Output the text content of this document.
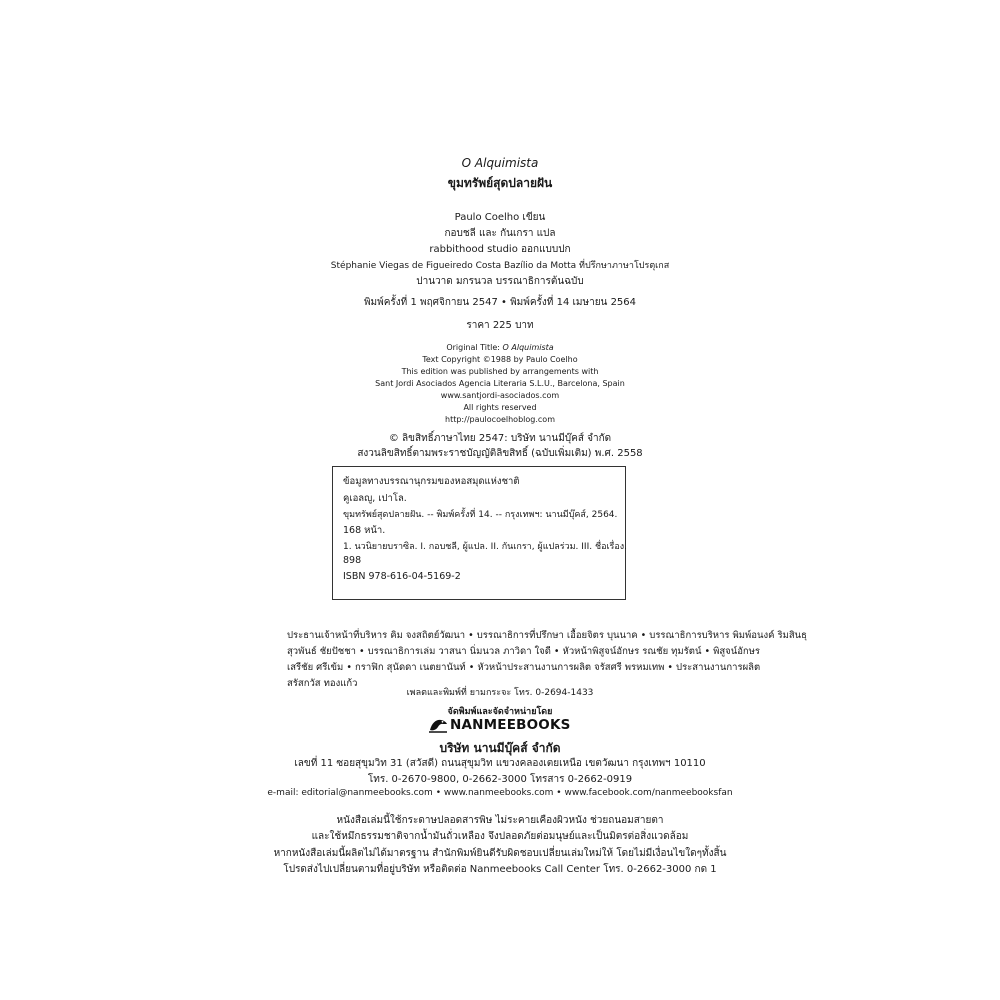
O Alquimista
ขุมทรัพย์สุดปลายฝัน
Paulo Coelho เขียน
กอบชลี และ กันเกรา แปล
rabbithood studio ออกแบบปก
Stéphanie Viegas de Figueiredo Costa Bazílio da Motta ที่ปรึกษาภาษาโปรตุเกส
ปานวาด มกรนวล บรรณาธิการต้นฉบับ
พิมพ์ครั้งที่ 1 พฤศจิกายน 2547 • พิมพ์ครั้งที่ 14 เมษายน 2564
ราคา 225 บาท
Original Title: O Alquimista
Text Copyright ©1988 by Paulo Coelho
This edition was published by arrangements with
Sant Jordi Asociados Agencia Literaria S.L.U., Barcelona, Spain
www.santjordi-asociados.com
All rights reserved
http://paulocoelhoblog.com
© ลิขสิทธิ์ภาษาไทย 2547: บริษัท นานมีบุ๊คส์ จำกัด
สงวนลิขสิทธิ์ตามพระราชบัญญัติลิขสิทธิ์ (ฉบับเพิ่มเติม) พ.ศ. 2558
ข้อมูลทางบรรณานุกรมของหอสมุดแห่งชาติ
คูเอลญู, เปาโล.
ขุมทรัพย์สุดปลายฝัน. -- พิมพ์ครั้งที่ 14. -- กรุงเทพฯ: นานมีบุ๊คส์, 2564.
168 หน้า.
1. นวนิยายบราซิล. I. กอบชลี, ผู้แปล. II. กันเกรา, ผู้แปลร่วม. III. ชื่อเรื่อง.
898
ISBN 978-616-04-5169-2
ประธานเจ้าหน้าที่บริหาร คิม จงสถิตย์วัฒนา • บรรณาธิการที่ปรึกษา เอื้อยจิตร บุนนาค • บรรณาธิการบริหาร พิมพ์อนงค์ ริมสินธุ
สุวพันธ์ ชัยปัชชา • บรรณาธิการเล่ม วาสนา นิ่มนวล ภาวิดา ใจดี • หัวหน้าพิสูจน์อักษร รณชัย ทุมรัตน์ • พิสูจน์อักษร
เสรีชัย ศรีเข้ม • กราฟิก สุนัดดา เนตยานันท์ • หัวหน้าประสานงานการผลิต จรัสศรี พรหมเทพ • ประสานงานการผลิต
สรัสกวัส ทองแก้ว
เพลตและพิมพ์ที่ ยามกระจะ โทร. 0-2694-1433
จัดพิมพ์และจัดจำหน่ายโดย
NANMEEBOOKS
บริษัท นานมีบุ๊คส์ จำกัด
เลขที่ 11 ซอยสุขุมวิท 31 (สวัสดี) ถนนสุขุมวิท แขวงคลองเตยเหนือ เขตวัฒนา กรุงเทพฯ 10110
โทร. 0-2670-9800, 0-2662-3000 โทรสาร 0-2662-0919
e-mail: editorial@nanmeebooks.com • www.nanmeebooks.com • www.facebook.com/nanmeebooksfan
หนังสือเล่มนี้ใช้กระดาษปลอดสารพิษ ไม่ระคายเคืองผิวหนัง ช่วยถนอมสายตา
และใช้หมึกธรรมชาติจากน้ำมันถั่วเหลือง จึงปลอดภัยต่อมนุษย์และเป็นมิตรต่อสิ่งแวดล้อม
หากหนังสือเล่มนี้ผลิตไม่ได้มาตรฐาน สำนักพิมพ์ยินดีรับผิดชอบเปลี่ยนเล่มใหม่ให้ โดยไม่มีเงื่อนไขใดๆทั้งสิ้น
โปรดส่งไปเปลี่ยนตามที่อยู่บริษัท หรือติดต่อ Nanmeebooks Call Center โทร. 0-2662-3000 กด 1
